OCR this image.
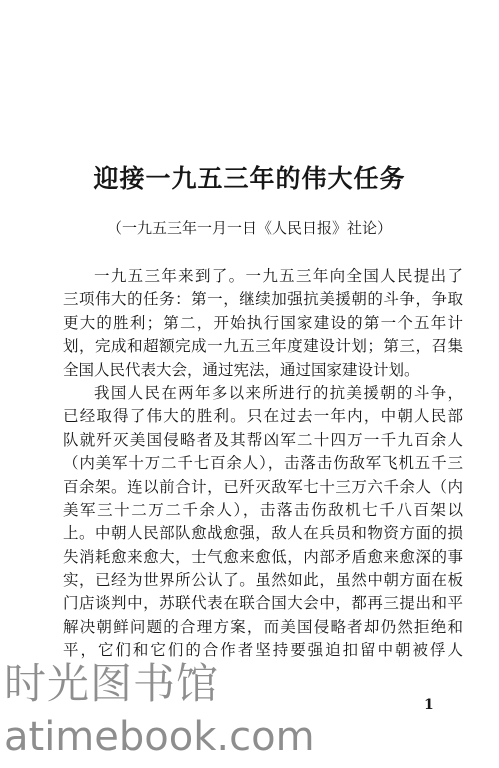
迎接一九五三年的伟大任务
（一九五三年一月一日《人民日报》社论）
一九五三年来到了。一九五三年向全国人民提出了
三项伟大的任务：第一，继续加强抗美援朝的斗争，争取
更大的胜利；第二，开始执行国家建设的第一个五年计
划，完成和超额完成一九五三年度建设计划；第三，召集
全国人民代表大会，通过宪法，通过国家建设计划。
我国人民在两年多以来所进行的抗美援朝的斗争，
已经取得了伟大的胜利。只在过去一年内，中朝人民部
队就歼灭美国侵略者及其帮凶军二十四万一千九百余人
（内美军十万二千七百余人），击落击伤敌军飞机五千三
百余架。连以前合计，已歼灭敌军七十三万六千余人（内
美军三十二万二千余人），击落击伤敌机七千八百架以
上。中朝人民部队愈战愈强，敌人在兵员和物资方面的损
失消耗愈来愈大，士气愈来愈低，内部矛盾愈来愈深的事
实，已经为世界所公认了。虽然如此，虽然中朝方面在板
门店谈判中，苏联代表在联合国大会中，都再三提出和平
解决朝鲜问题的合理方案，而美国侵略者却仍然拒绝和
平，它们和它们的合作者坚持要强迫扣留中朝被俘人
1
时光图书馆
atimebook.com
